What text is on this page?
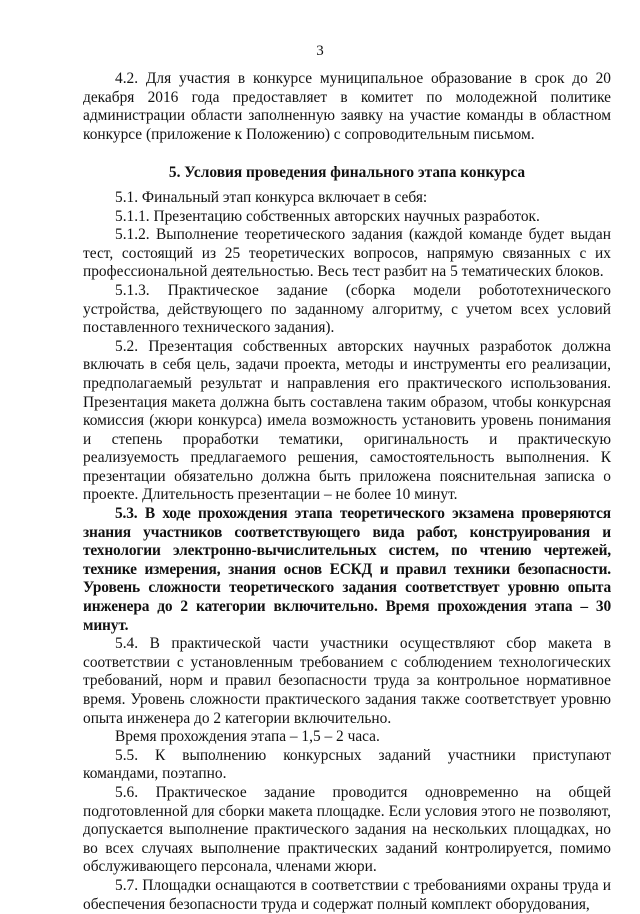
3

4.2. Для участия в конкурсе муниципальное образование в срок до 20 декабря 2016 года предоставляет в комитет по молодежной политике администрации области заполненную заявку на участие команды в областном конкурсе (приложение к Положению) с сопроводительным письмом.

5. Условия проведения финального этапа конкурса

5.1. Финальный этап конкурса включает в себя:

5.1.1. Презентацию собственных авторских научных разработок.

5.1.2. Выполнение теоретического задания (каждой команде будет выдан тест, состоящий из 25 теоретических вопросов, напрямую связанных с их профессиональной деятельностью. Весь тест разбит на 5 тематических блоков.

5.1.3. Практическое задание (сборка модели робототехнического устройства, действующего по заданному алгоритму, с учетом всех условий поставленного технического задания).

5.2. Презентация собственных авторских научных разработок должна включать в себя цель, задачи проекта, методы и инструменты его реализации, предполагаемый результат и направления его практического использования. Презентация макета должна быть составлена таким образом, чтобы конкурсная комиссия (жюри конкурса) имела возможность установить уровень понимания и степень проработки тематики, оригинальность и практическую реализуемость предлагаемого решения, самостоятельность выполнения. К презентации обязательно должна быть приложена пояснительная записка о проекте. Длительность презентации – не более 10 минут.

5.3. В ходе прохождения этапа теоретического экзамена проверяются знания участников соответствующего вида работ, конструирования и технологии электронно-вычислительных систем, по чтению чертежей, технике измерения, знания основ ЕСКД и правил техники безопасности. Уровень сложности теоретического задания соответствует уровню опыта инженера до 2 категории включительно. Время прохождения этапа – 30 минут.

5.4. В практической части участники осуществляют сбор макета в соответствии с установленным требованием с соблюдением технологических требований, норм и правил безопасности труда за контрольное нормативное время. Уровень сложности практического задания также соответствует уровню опыта инженера до 2 категории включительно.

Время прохождения этапа – 1,5 – 2 часа.

5.5. К выполнению конкурсных заданий участники приступают командами, поэтапно.

5.6. Практическое задание проводится одновременно на общей подготовленной для сборки макета площадке. Если условия этого не позволяют, допускается выполнение практического задания на нескольких площадках, но во всех случаях выполнение практических заданий контролируется, помимо обслуживающего персонала, членами жюри.

5.7. Площадки оснащаются в соответствии с требованиями охраны труда и обеспечения безопасности труда и содержат полный комплект оборудования,
